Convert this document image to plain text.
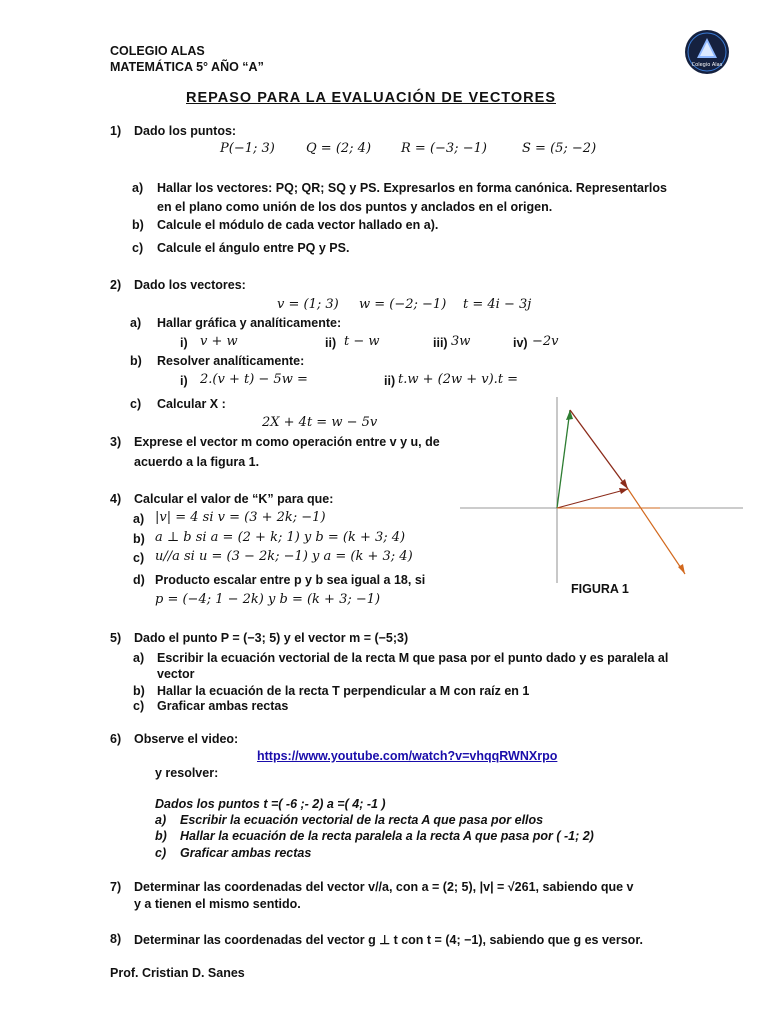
COLEGIO ALAS
MATEMÁTICA 5° AÑO “A”	Colegio Alas
REPASO PARA LA EVALUACIÓN DE VECTORES
1) Dado los puntos:
P(−1; 3) Q = (2; 4) R = (−3; −1)	S = (5; −2)
a) Hallar los vectores: PQ; QR; SQ y PS. Expresarlos en forma canónica. Representarlos
en el plano como unión de los dos puntos y anclados en el origen.
b) Calcule el módulo de cada vector hallado en a).
c) Calcule el ángulo entre PQ y PS.
2) Dado los vectores:
v = (1; 3) w = (−2; −1) t = 4i − 3j
a) Hallar gráfica y analíticamente:
i) v + w	ii) t − w	iii) 3w	iv) −2v
b) Resolver analíticamente:
i) 2.(v + t) − 5w =	ii) t.w + (2w + v).t =
c) Calcular X :
2X + 4t = w − 5v
3) Exprese el vector m como operación entre v y u, de
acuerdo a la figura 1.
4) Calcular el valor de “K” para que:
a) |v| = 4 si v = (3 + 2k; −1)
b) a ⊥ b si a = (2 + k; 1) y b = (k + 3; 4)
c) u//a si u = (3 − 2k; −1) y a = (k + 3; 4)
d) Producto escalar entre p y b sea igual a 18, si
p = (−4; 1 − 2k) y b = (k + 3; −1)
FIGURA 1
5) Dado el punto P = (−3; 5) y el vector m = (−5;3)
a) Escribir la ecuación vectorial de la recta M que pasa por el punto dado y es paralela al
vector
b) Hallar la ecuación de la recta T perpendicular a M con raíz en 1
c) Graficar ambas rectas
6) Observe el video:
https://www.youtube.com/watch?v=vhqqRWNXrpo
y resolver:
Dados los puntos t =( -6 ;- 2) a =( 4; -1 )
a) Escribir la ecuación vectorial de la recta A que pasa por ellos
b) Hallar la ecuación de la recta paralela a la recta A que pasa por ( -1; 2)
c) Graficar ambas rectas
7) Determinar las coordenadas del vector v//a, con a = (2; 5), |v| = √261, sabiendo que v
y a tienen el mismo sentido.
8) Determinar las coordenadas del vector g ⊥ t con t = (4; −1), sabiendo que g es versor.
Prof. Cristian D. Sanes
